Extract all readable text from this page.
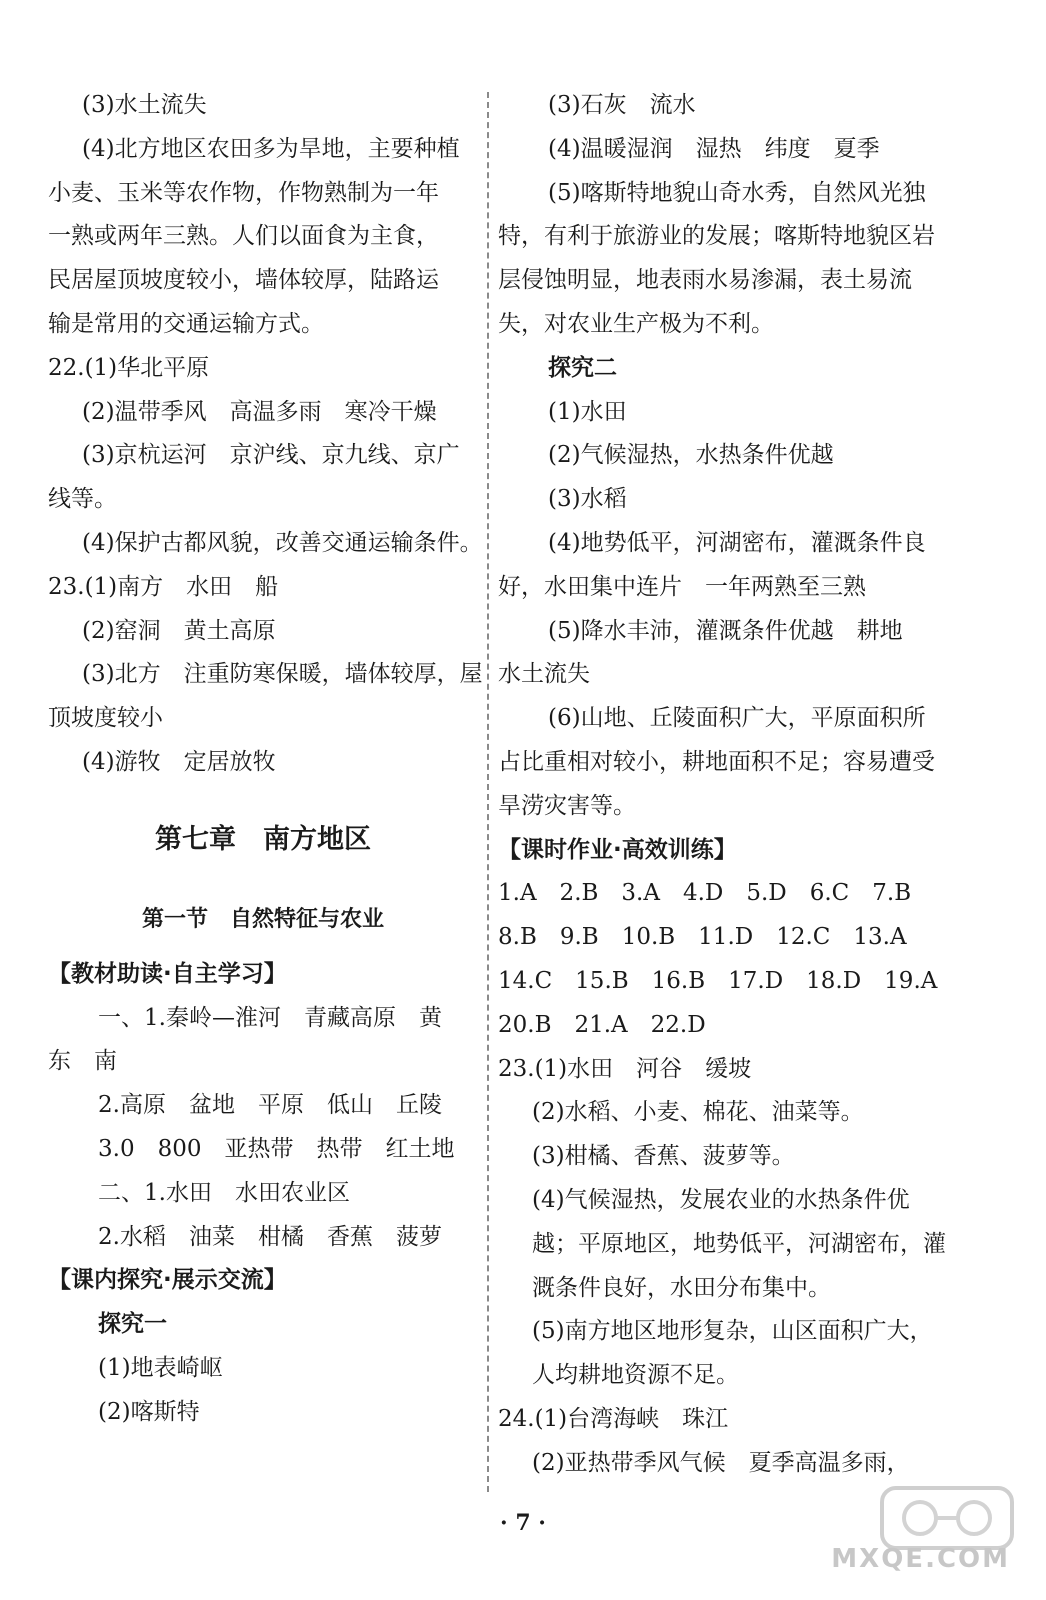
(3)水土流失
(4)北方地区农田多为旱地，主要种植
小麦、玉米等农作物，作物熟制为一年
一熟或两年三熟。人们以面食为主食，
民居屋顶坡度较小，墙体较厚，陆路运
输是常用的交通运输方式。
22.(1)华北平原
(2)温带季风　高温多雨　寒冷干燥
(3)京杭运河　京沪线、京九线、京广
线等。
(4)保护古都风貌，改善交通运输条件。
23.(1)南方　水田　船
(2)窑洞　黄土高原
(3)北方　注重防寒保暖，墙体较厚，屋
顶坡度较小
(4)游牧　定居放牧
第七章　南方地区
第一节　自然特征与农业
【教材助读·自主学习】
一、1.秦岭—淮河　青藏高原　黄
东　南
2.高原　盆地　平原　低山　丘陵
3.0　800　亚热带　热带　红土地
二、1.水田　水田农业区
2.水稻　油菜　柑橘　香蕉　菠萝
【课内探究·展示交流】
探究一
(1)地表崎岖
(2)喀斯特
(3)石灰　流水
(4)温暖湿润　湿热　纬度　夏季
(5)喀斯特地貌山奇水秀，自然风光独
特，有利于旅游业的发展；喀斯特地貌区岩
层侵蚀明显，地表雨水易渗漏，表土易流
失，对农业生产极为不利。
探究二
(1)水田
(2)气候湿热，水热条件优越
(3)水稻
(4)地势低平，河湖密布，灌溉条件良
好，水田集中连片　一年两熟至三熟
(5)降水丰沛，灌溉条件优越　耕地
水土流失
(6)山地、丘陵面积广大，平原面积所
占比重相对较小，耕地面积不足；容易遭受
旱涝灾害等。
【课时作业·高效训练】
1.A　2.B　3.A　4.D　5.D　6.C　7.B
8.B　9.B　10.B　11.D　12.C　13.A
14.C　15.B　16.B　17.D　18.D　19.A
20.B　21.A　22.D
23.(1)水田　河谷　缓坡
(2)水稻、小麦、棉花、油菜等。
(3)柑橘、香蕉、菠萝等。
(4)气候湿热，发展农业的水热条件优
越；平原地区，地势低平，河湖密布，灌
溉条件良好，水田分布集中。
(5)南方地区地形复杂，山区面积广大，
人均耕地资源不足。
24.(1)台湾海峡　珠江
(2)亚热带季风气候　夏季高温多雨，
· 7 ·
MXQE.COM
